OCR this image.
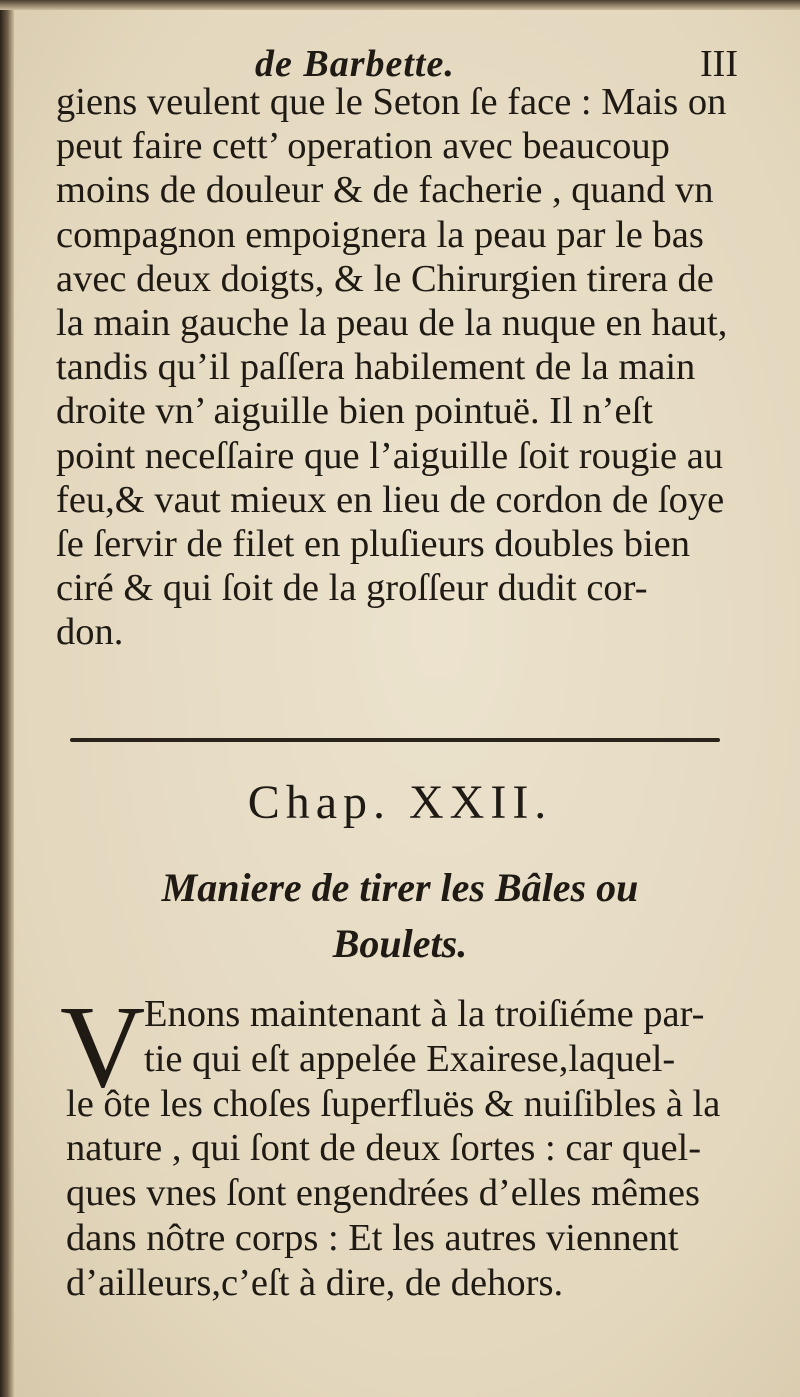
de Barbette.	III
giens veulent que le Seton ſe face : Mais on
peut faire cett’ operation avec beaucoup
moins de douleur & de facherie , quand vn
compagnon empoignera la peau par le bas
avec deux doigts, & le Chirurgien tirera de
la main gauche la peau de la nuque en haut,
tandis qu’il paſſera habilement de la main
droite vn’ aiguille bien pointuë. Il n’eſt
point neceſſaire que l’aiguille ſoit rougie au
feu,& vaut mieux en lieu de cordon de ſoye
ſe ſervir de filet en pluſieurs doubles bien
ciré & qui ſoit de la groſſeur dudit cor-
don.
Chap. XXII.
Maniere de tirer les Bâles ou
Boulets.
V
Enons maintenant à la troiſiéme par-
tie qui eſt appelée Exairese,laquel-
le ôte les choſes ſuperfluës & nuiſibles à la
nature , qui ſont de deux ſortes : car quel-
ques vnes ſont engendrées d’elles mêmes
dans nôtre corps : Et les autres viennent
d’ailleurs,c’eſt à dire, de dehors.
